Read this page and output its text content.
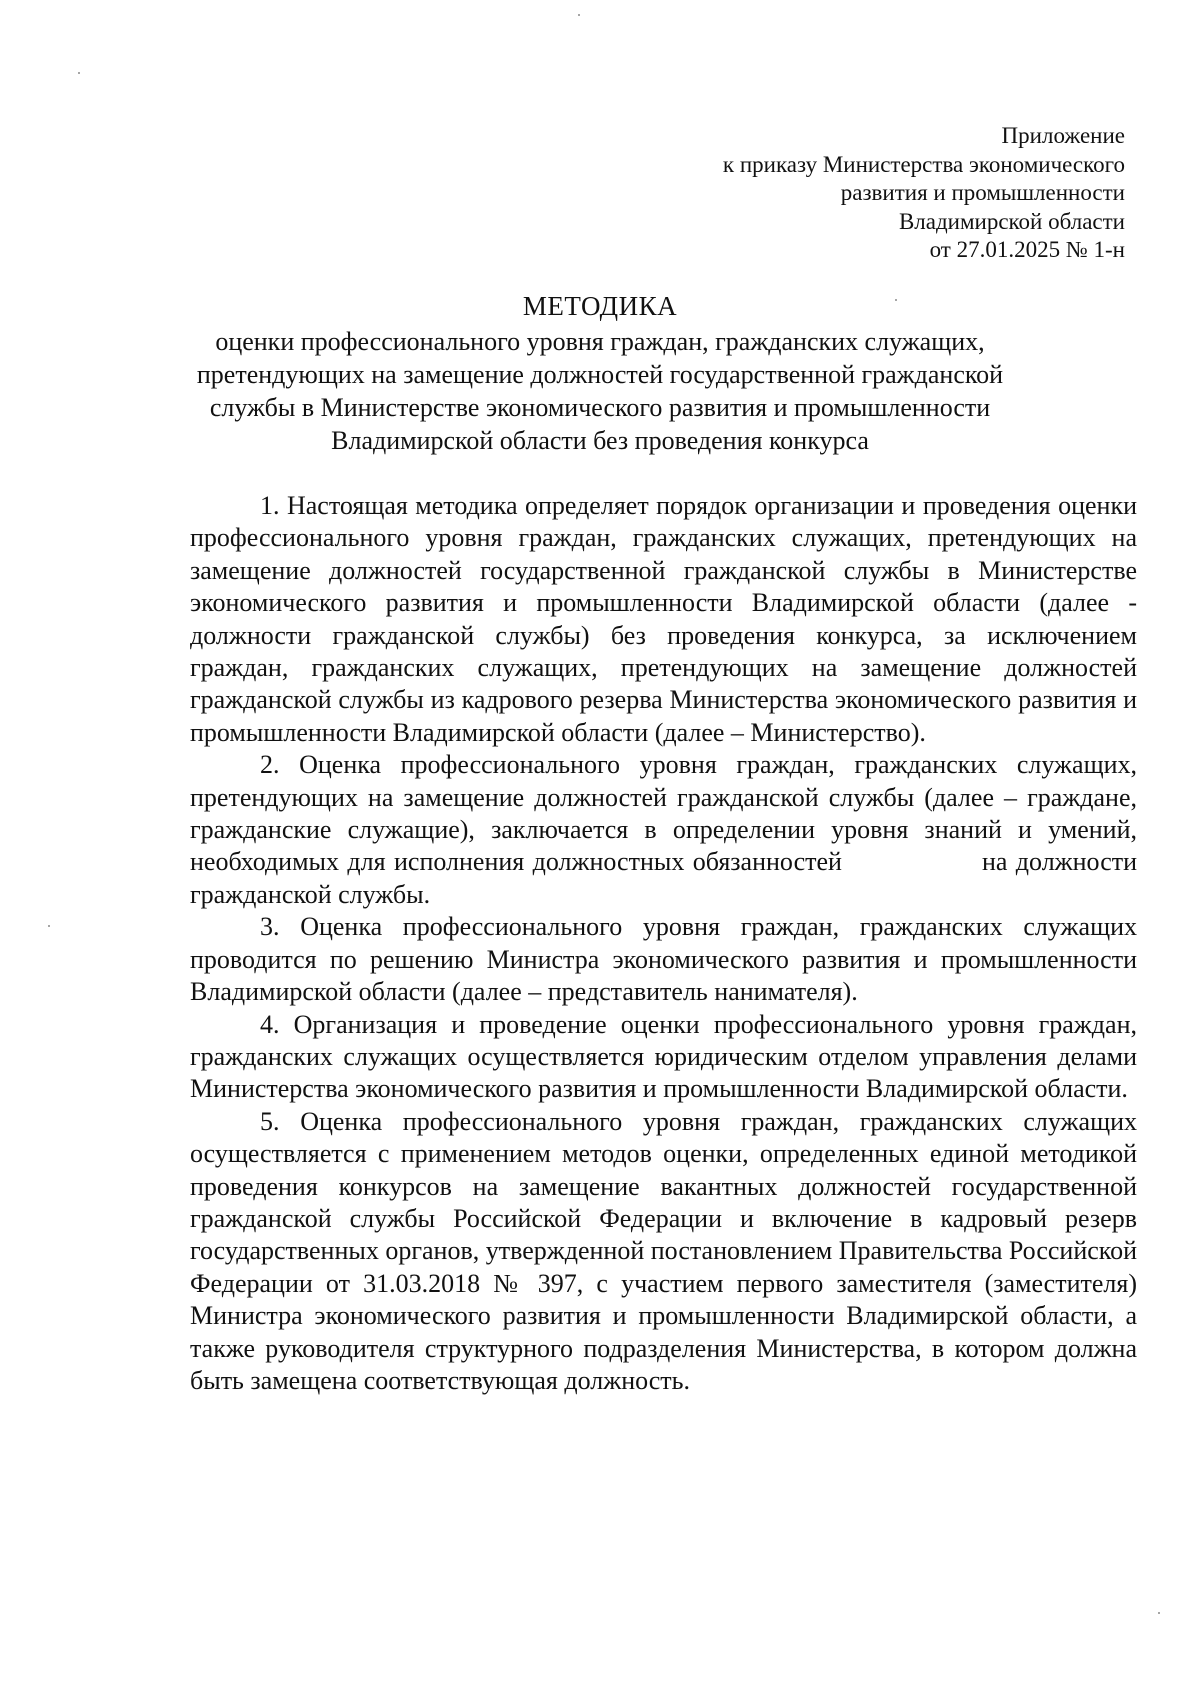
Приложение
к приказу Министерства экономического
развития и промышленности
Владимирской области
от 27.01.2025 № 1-н
МЕТОДИКА
оценки профессионального уровня граждан, гражданских служащих,
претендующих на замещение должностей государственной гражданской
службы в Министерстве экономического развития и промышленности
Владимирской области без проведения конкурса

1. Настоящая методика определяет порядок организации и проведения оценки профессионального уровня граждан, гражданских служащих, претендующих на замещение должностей государственной гражданской службы в Министерстве экономического развития и промышленности Владимирской области (далее - должности гражданской службы) без проведения конкурса, за исключением граждан, гражданских служащих, претендующих на замещение должностей гражданской службы из кадрового резерва Министерства экономического развития и промышленности Владимирской области (далее – Министерство).

2. Оценка профессионального уровня граждан, гражданских служащих, претендующих на замещение должностей гражданской службы (далее – граждане, гражданские служащие), заключается в определении уровня знаний и умений, необходимых для исполнения должностных обязанностей	на должности гражданской службы.

3. Оценка профессионального уровня граждан, гражданских служащих проводится по решению Министра экономического развития и промышленности Владимирской области (далее – представитель нанимателя).

4. Организация и проведение оценки профессионального уровня граждан, гражданских служащих осуществляется юридическим отделом управления делами Министерства экономического развития и промышленности Владимирской области.

5. Оценка профессионального уровня граждан, гражданских служащих осуществляется с применением методов оценки, определенных единой методикой проведения конкурсов на замещение вакантных должностей государственной гражданской службы Российской Федерации и включение в кадровый резерв государственных органов, утвержденной постановлением Правительства Российской Федерации от 31.03.2018 № 397, с участием первого заместителя (заместителя) Министра экономического развития и промышленности Владимирской области, а также руководителя структурного подразделения Министерства, в котором должна быть замещена соответствующая должность.
